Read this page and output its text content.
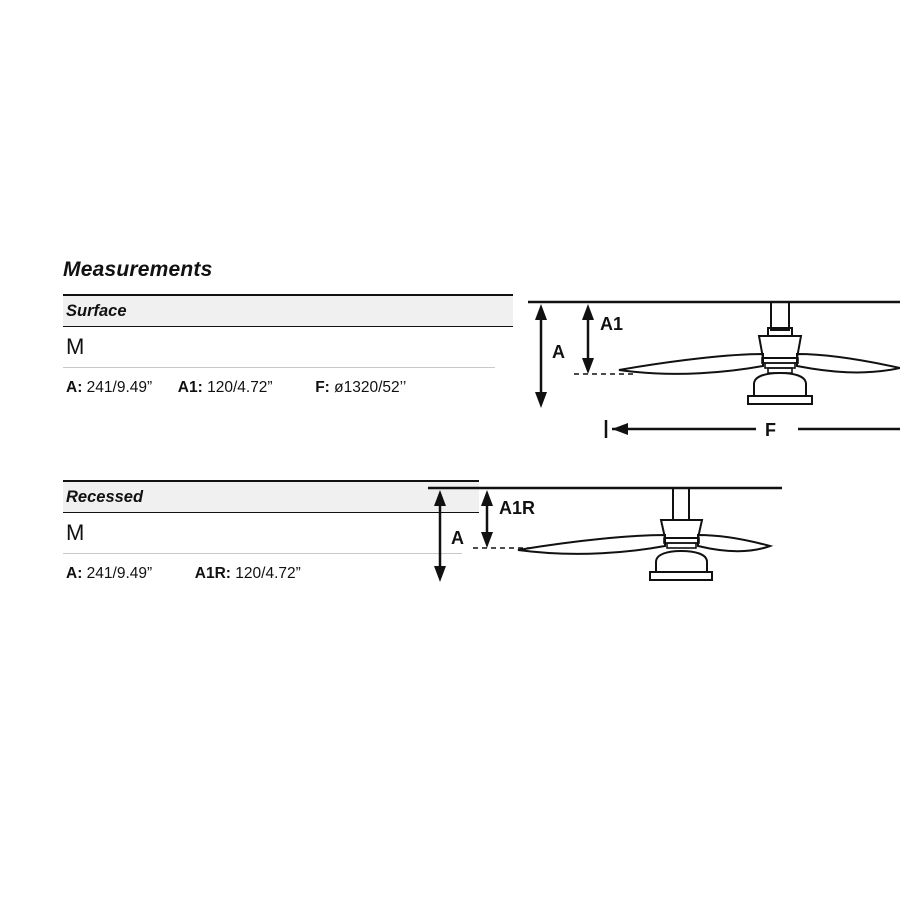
Measurements
Surface
M
A: 241/9.49” A1: 120/4.72”	F: ø1320/52’’
A
A1
F
Recessed
M
A: 241/9.49”	A1R: 120/4.72”
A
A1R
